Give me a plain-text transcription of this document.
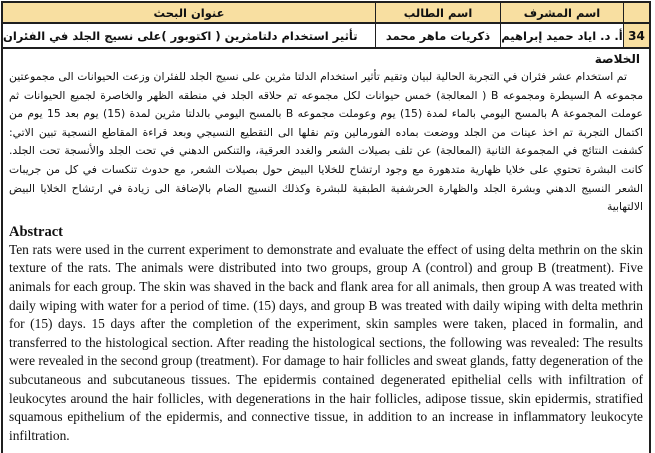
عنوان البحث	اسم الطالب	اسم المشرف
تأثير استخدام دلتامثرين ( اكتوبور )على نسيج الجلد في الفئران ذكريات ماهر محمد أ. د. اياد حميد إبراهيم 34
الخلاصة
تم استخدام عشر فئران في التجربة الحالية لبيان وتقيم تأثير استخدام الدلتا مثرين على نسيج الجلد للفئران وزعت الحيوانات الى مجموعتين مجموعه A السيطرة ومجموعه B ( المعالجة) خمس حيوانات لكل مجموعه تم حلاقه الجلد في منطقه الظهر والخاصرة لجميع الحيوانات ثم عوملت المجموعة A بالمسح اليومي بالماء لمدة (15) يوم وعوملت مجموعه B بالمسح اليومي بالدلتا مثرين لمدة (15) يوم بعد 15 يوم من اكتمال التجربة تم اخذ عينات من الجلد ووضعت بماده الفورمالين وتم نقلها الى التقطيع النسيجي وبعد قراءة المقاطع النسجية تبين الاتي: كشفت النتائج في المجموعة الثانية (المعالجة) عن تلف بصيلات الشعر والغدد العرقية، والتنكس الدهني في تحت الجلد والأنسجة تحت الجلد. كانت البشرة تحتوي على خلايا ظهارية متدهورة مع وجود ارتشاح للخلايا البيض حول بصيلات الشعر, مع حدوث تنكسات في كل من جريبات الشعر النسيج الدهني وبشرة الجلد والظهارة الحرشفية الطبقية للبشرة وكذلك النسيج الضام بالإضافة الى زيادة في ارتشاح الخلايا البيض الالتهابية
Abstract
Ten rats were used in the current experiment to demonstrate and evaluate the effect of using delta methrin on the skin texture of the rats. The animals were distributed into two groups, group A (control) and group B (treatment). Five animals for each group. The skin was shaved in the back and flank area for all animals, then group A was treated with daily wiping with water for a period of time. (15) days, and group B was treated with daily wiping with delta methrin for (15) days. 15 days after the completion of the experiment, skin samples were taken, placed in formalin, and transferred to the histological section. After reading the histological sections, the following was revealed: The results were revealed in the second group (treatment). For damage to hair follicles and sweat glands, fatty degeneration of the subcutaneous and subcutaneous tissues. The epidermis contained degenerated epithelial cells with infiltration of leukocytes around the hair follicles, with degenerations in the hair follicles, adipose tissue, skin epidermis, stratified squamous epithelium of the epidermis, and connective tissue, in addition to an increase in inflammatory leukocyte infiltration.
